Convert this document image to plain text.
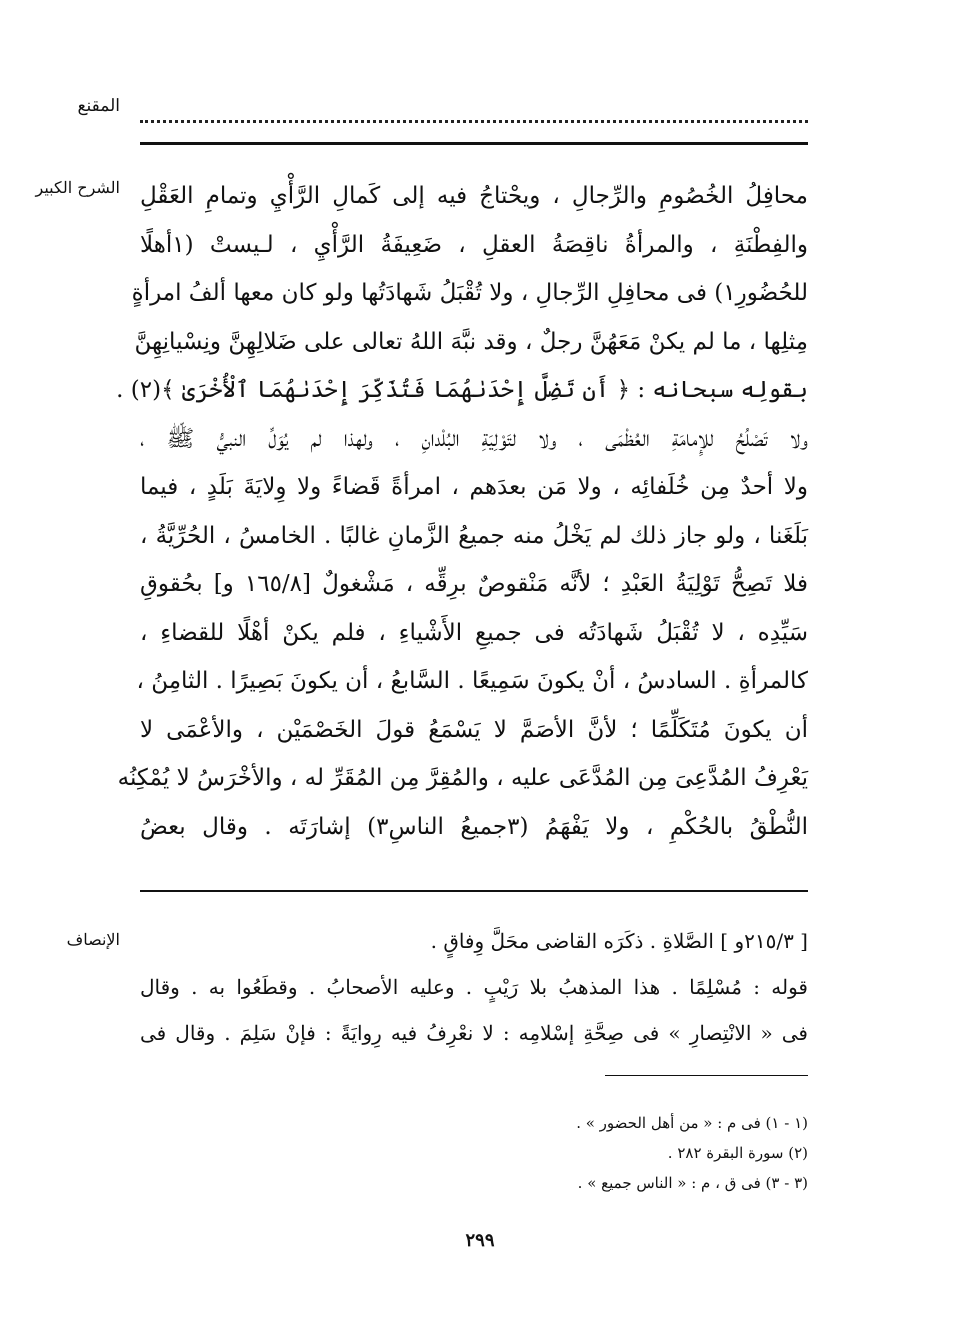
المقنع
الشرح الكبير
الإنصاف
محافِلُ الخُصُومِ والرِّجالِ ، ويحْتاجُ فيه إلى كَمالِ الرَّأْيِ وتمامِ العَقْلِ
والفِطْنَةِ ، والمرأةُ ناقِصَةُ العقلِ ، ضَعِيفَةُ الرَّأْيِ ، لـيستْ (١أهلًا
للحُضُورِ١) فى محافِلِ الرِّجالِ ، ولا تُقْبَلُ شَهادَتُها ولو كان معها ألفُ امرأةٍ
مِثلِها ، ما لم يكنْ مَعَهُنَّ رجلٌ ، وقد نبَّهَ اللهُ تعالى على ضَلالِهِنَّ ونِسْيانِهِنَّ
بقولِه سبحانه : ﴿ أَن تَضِلَّ إِحْدَىٰهُمَا فَتُذَكِّرَ إِحْدَىٰهُمَا ٱلْأُخْرَىٰ ﴾(٢) .
ولا تَصْلُحُ للإِمامَةِ العُظْمَى ، ولا لتَوْلِيَةِ البُلْدانِ ، ولهذا لم يُوَلِّ النبيُّ ﷺ ،
ولا أحدٌ مِن خُلَفائِه ، ولا مَن بعدَهم ، امرأةً قَضاءً ولا وِلايَةَ بَلَدٍ ، فيما
بَلَغَنا ، ولو جاز ذلك لم يَخْلُ منه جميعُ الزَّمانِ غالبًا . الخامسُ ، الحُرِّيَّةُ ،
فلا تَصِحُّ تَوْلِيَةُ العَبْدِ ؛ لأنَّه مَنْقوصٌ برِقِّه ، مَشْغولٌ [١٦٥/٨ و] بحُقوقِ
سَيِّدِه ، لا تُقْبَلُ شَهادَتُه فى جميعِ الأَشْياءِ ، فلم يكنْ أهْلًا للقضاءِ ،
كالمرأةِ . السادسُ ، أنْ يكونَ سَمِيعًا . السَّابعُ ، أن يكونَ بَصِيرًا . الثامِنُ ،
أن يكونَ مُتَكَلِّمًا ؛ لأنَّ الأصَمَّ لا يَسْمَعُ قولَ الخَصْمَيْن ، والأعْمَى لا
يَعْرِفُ المُدَّعِىَ مِن المُدَّعَى عليه ، والمُقِرَّ مِن المُقَرِّ له ، والأخْرَسُ لا يُمْكِنُه
النُّطْقُ بالحُكْمِ ، ولا يَفْهَمُ (٣جميعُ الناسِ٣) إشارَتَه . وقال بعضُ
[ ٢١٥/٣و ] الصَّلاةِ . ذكَرَه القاضى محَلَّ وِفاقٍ .
قوله : مُسْلِمًا . هذا المذهبُ بلا رَيْبٍ . وعليه الأصحابُ . وقطَعُوا به . وقال
فى « الانْتِصارِ » فى صِحَّةِ إسْلامِه : لا نعْرِفُ فيه رِوايَةً : فإنْ سَلِمَ . وقال فى
(١ - ١) فى م : « من أهل الحضور » .
(٢) سورة البقرة ٢٨٢ .
(٣ - ٣) فى ق ، م : « الناس جميع » .
٢٩٩
